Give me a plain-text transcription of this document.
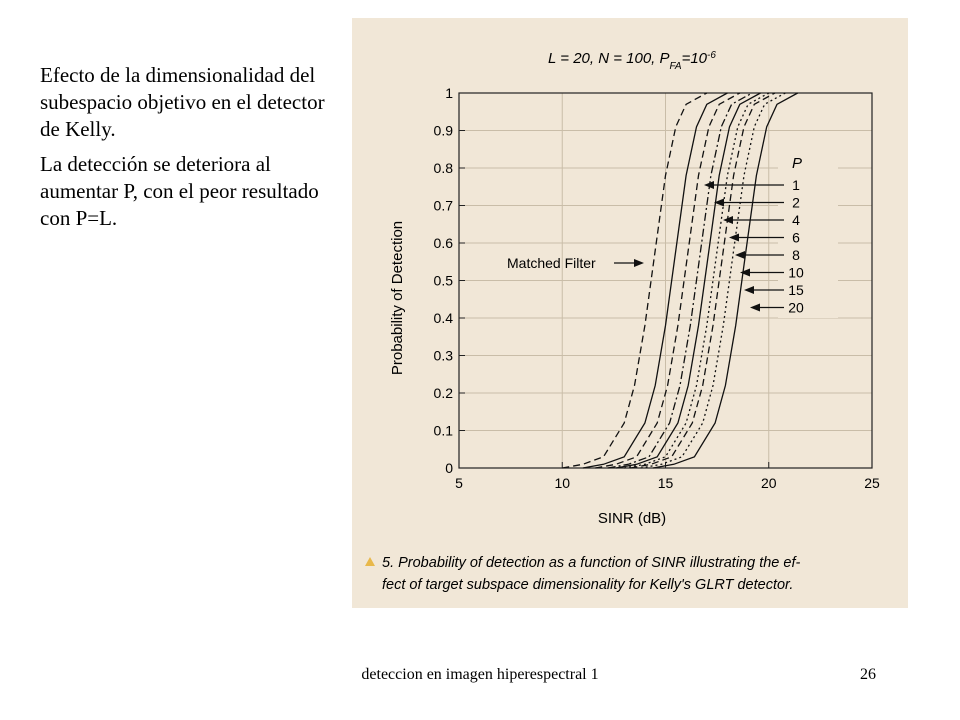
Efecto de la dimensionalidad del subespacio objetivo en el detector de Kelly.

La detección se deteriora al aumentar P, con el peor resultado con P=L.

5	10	15	20	25
0
0.1
0.2
0.3
0.4
0.5
0.6
0.7
0.8
0.9
1
P
1
2
4
6
8
10
15
20
Matched Filter
L = 20, N = 100, $P_{FA}=10^{-6}$
SINR (dB)
Probability of Detection
5. Probability of detection as a function of SINR illustrating the ef-
fect of target subspace dimensionality for Kelly's GLRT detector.
deteccion en imagen hiperespectral 1	26
